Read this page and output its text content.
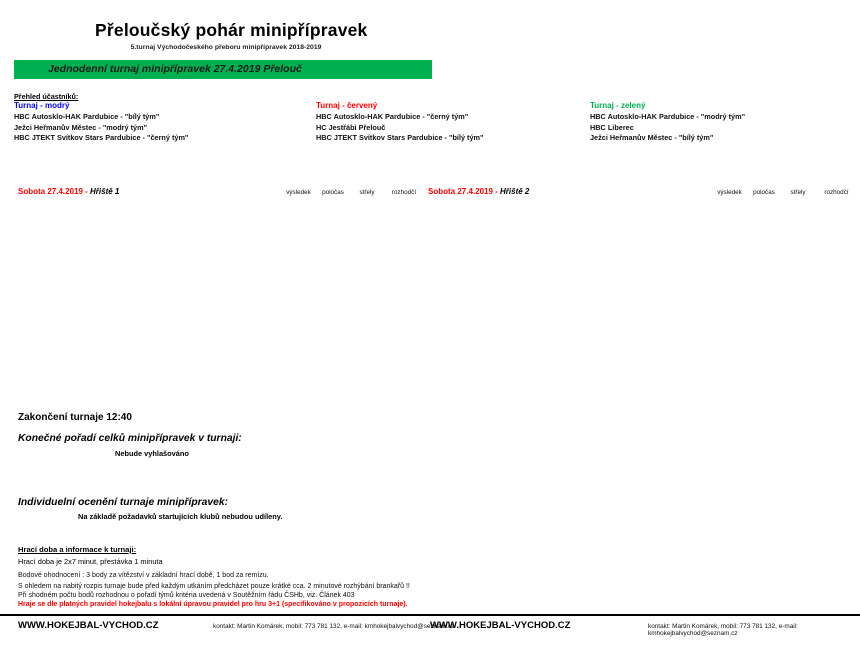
Přeloučský pohár minipřípravek
5.turnaj Východočeského přeboru minipřípravek 2018-2019
Jednodenní turnaj minipřípravek 27.4.2019 Přelouč
Přehled účastníků:
Turnaj - modrý
HBC Autosklo-HAK Pardubice - "bílý tým"
Ježci Heřmanův Městec - "modrý tým"
HBC JTEKT Svítkov Stars Pardubice - "černý tým"
Turnaj - červený
HBC Autosklo-HAK Pardubice - "černý tým"
HC Jestřábi Přelouč
HBC JTEKT Svítkov Stars Pardubice - "bílý tým"
Turnaj - zelený
HBC Autosklo-HAK Pardubice - "modrý tým"
HBC Liberec
Ježci Heřmanův Městec - "bílý tým"
Sobota 27.4.2019 - Hřiště 1	výsledek	poločas	střely	rozhodčí	Sobota 27.4.2019 - Hřiště 2	výsledek	poločas	střely	rozhodčí
Zakončení turnaje 12:40
Konečné pořadí celků minipřípravek v turnaji:
Nebude vyhlašováno
Individuelní ocenění turnaje minipřípravek:
Na základě požadavků startujících klubů nebudou udíleny.
Hrací doba a informace k turnaji:
Hrací doba je 2x7 minut, přestávka 1 minuta
Bodové ohodnocení : 3 body za vítězství v základní hrací době, 1 bod za remízu.
S ohledem na nabitý rozpis turnaje bude před každým utkáním předcházet pouze krátké cca. 2 minutové rozhýbání brankařů !!
Při shodném počtu bodů rozhodnou o pořadí týmů kritéria uvedená v Soutěžním řádu ČSHb, viz. Článek 403
Hraje se dle platných pravidel hokejbalu s lokální úpravou pravidel pro hru 3+1 (specifikováno v propozicích turnaje).
WWW.HOKEJBAL-VYCHOD.CZ	kontakt: Martin Komárek, mobil: 773 781 132, e-mail: kmhokejbalvychod@seznam.cz
WWW.HOKEJBAL-VYCHOD.CZ	kontakt: Martin Komárek, mobil: 773 781 132, e-mail: kmhokejbalvychod@seznam.cz
